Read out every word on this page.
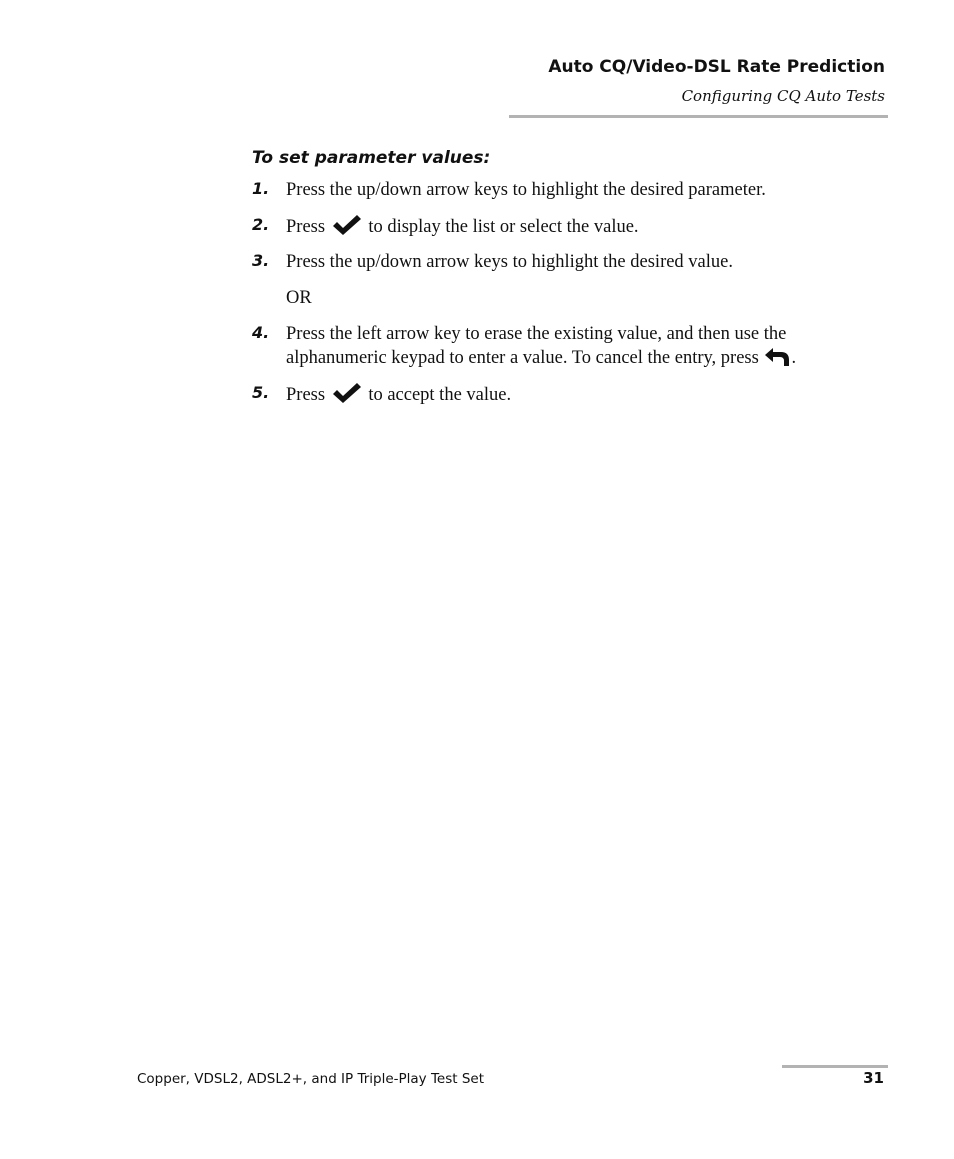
Auto CQ/Video-DSL Rate Prediction
Configuring CQ Auto Tests
To set parameter values:
1. Press the up/down arrow keys to highlight the desired parameter.
2. Press to display the list or select the value.
3. Press the up/down arrow keys to highlight the desired value.
OR
4. Press the left arrow key to erase the existing value, and then use the alphanumeric keypad to enter a value. To cancel the entry, press .
5. Press to accept the value.
Copper, VDSL2, ADSL2+, and IP Triple-Play Test Set	31
